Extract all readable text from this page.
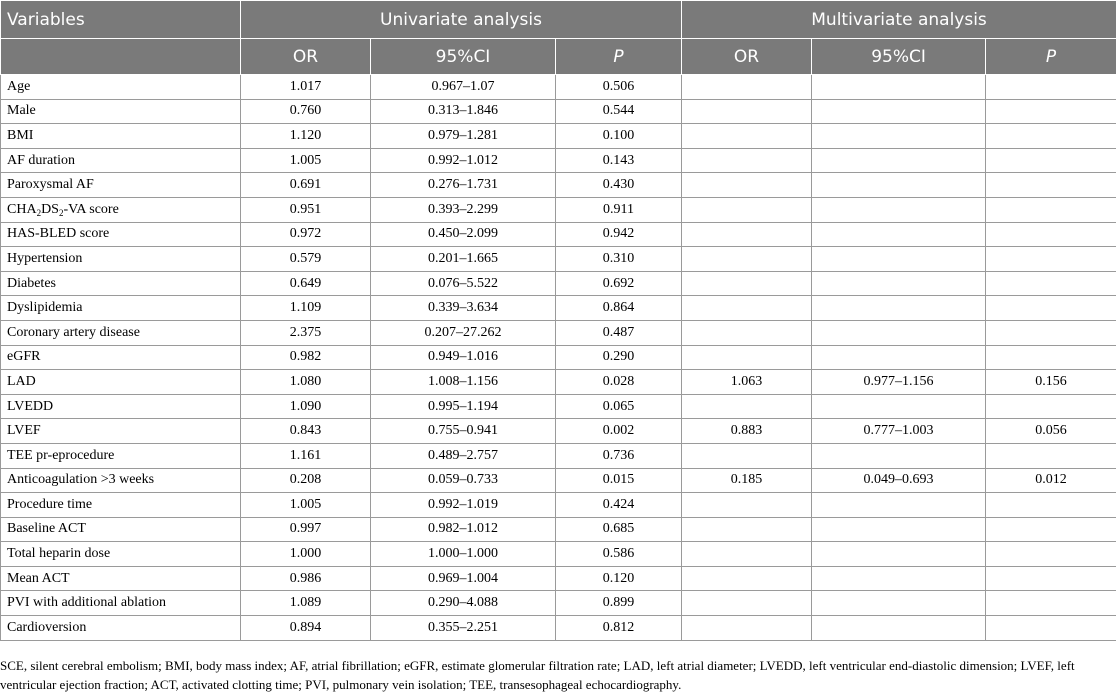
Variables	Univariate analysis			Multivariate analysis		
	OR	95%CI	P	OR	95%CI	P
Age	1.017	0.967–1.07	0.506			
Male	0.760	0.313–1.846	0.544			
BMI	1.120	0.979–1.281	0.100			
AF duration	1.005	0.992–1.012	0.143			
Paroxysmal AF	0.691	0.276–1.731	0.430			
$CHA_2DS_2-VA$ score	0.951	0.393–2.299	0.911			
HAS-BLED score	0.972	0.450–2.099	0.942			
Hypertension	0.579	0.201–1.665	0.310			
Diabetes	0.649	0.076–5.522	0.692			
Dyslipidemia	1.109	0.339–3.634	0.864			
Coronary artery disease	2.375	0.207–27.262	0.487			
eGFR	0.982	0.949–1.016	0.290			
LAD	1.080	1.008–1.156	0.028	1.063	0.977–1.156	0.156
LVEDD	1.090	0.995–1.194	0.065			
LVEF	0.843	0.755–0.941	0.002	0.883	0.777–1.003	0.056
TEE pr-eprocedure	1.161	0.489–2.757	0.736			
Anticoagulation >3 weeks	0.208	0.059–0.733	0.015	0.185	0.049–0.693	0.012
Procedure time	1.005	0.992–1.019	0.424			
Baseline ACT	0.997	0.982–1.012	0.685			
Total heparin dose	1.000	1.000–1.000	0.586			
Mean ACT	0.986	0.969–1.004	0.120			
PVI with additional ablation	1.089	0.290–4.088	0.899			
Cardioversion	0.894	0.355–2.251	0.812			
SCE, silent cerebral embolism; BMI, body mass index; AF, atrial fibrillation; eGFR, estimate glomerular filtration rate; LAD, left atrial diameter; LVEDD, left ventricular end-diastolic dimension; LVEF, left ventricular ejection fraction; ACT, activated clotting time; PVI, pulmonary vein isolation; TEE, transesophageal echocardiography.
